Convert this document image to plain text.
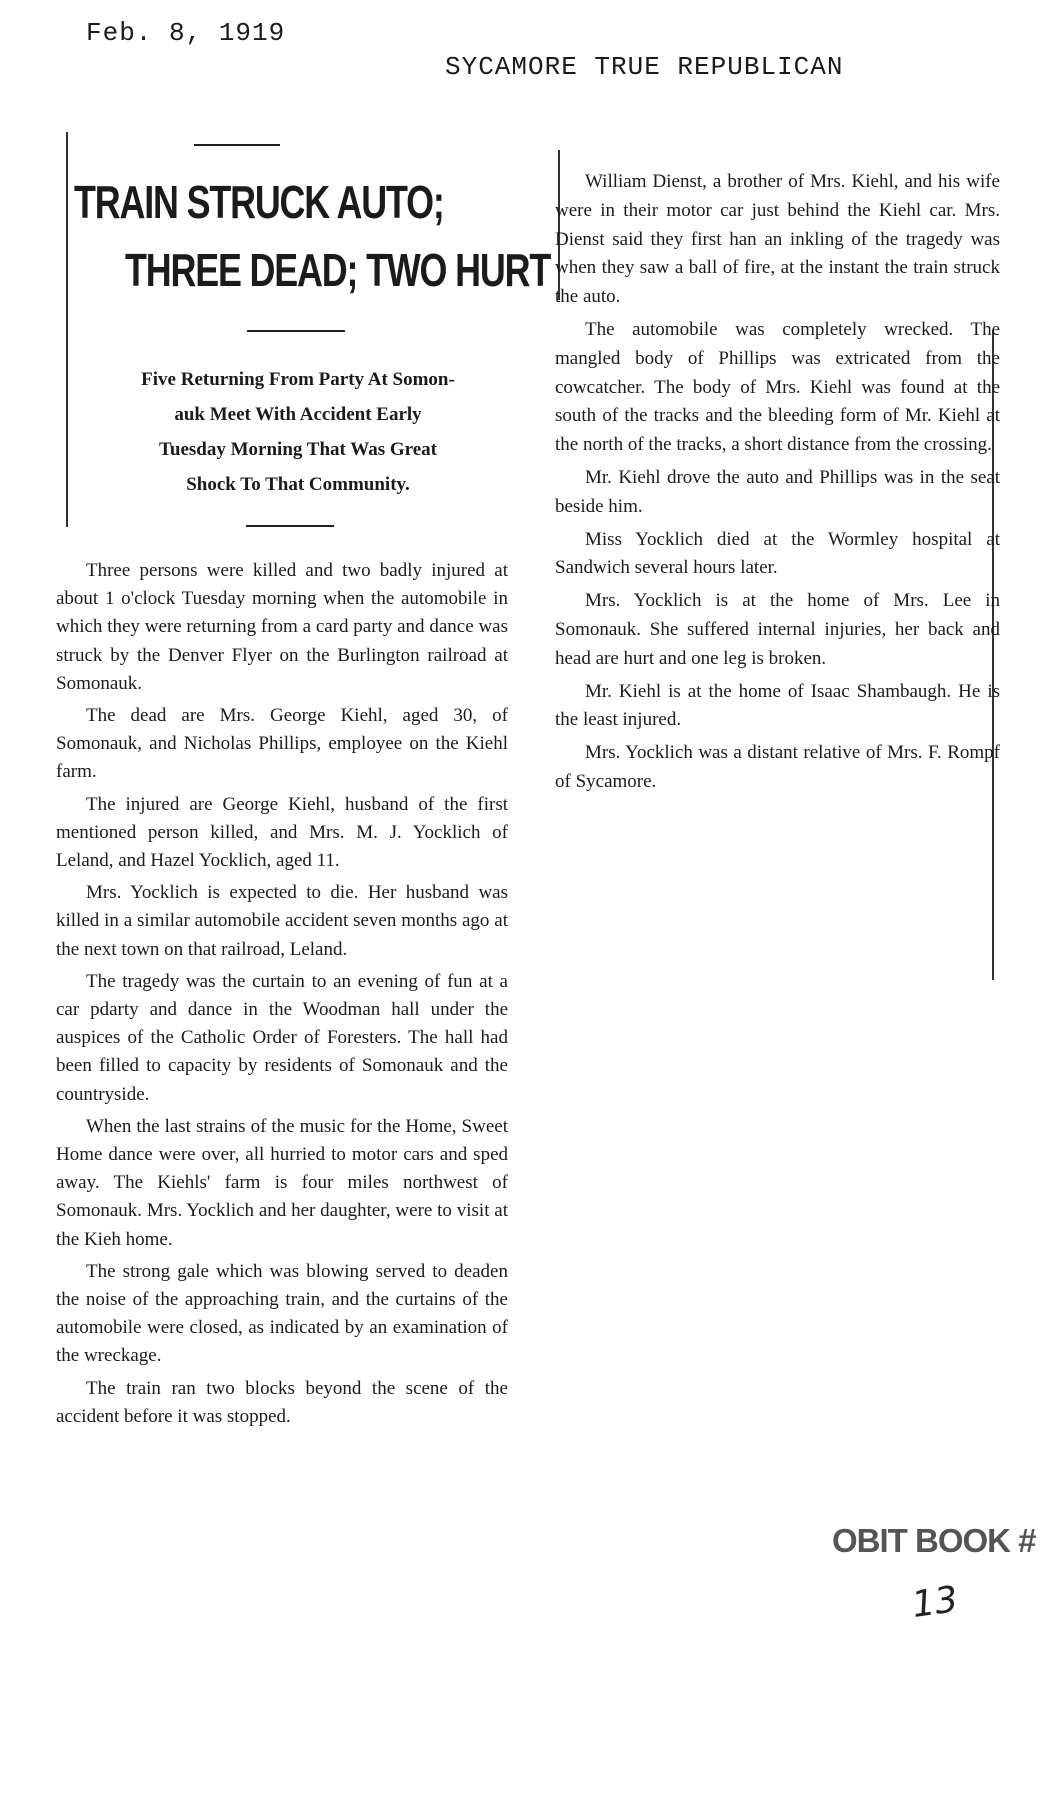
Feb. 8, 1919
SYCAMORE TRUE REPUBLICAN
TRAIN STRUCK AUTO;
THREE DEAD; TWO HURT
Five Returning From Party At Somon-
auk Meet With Accident Early
Tuesday Morning That Was Great
Shock To That Community.

Three persons were killed and two badly injured at about 1 o'clock Tuesday morning when the automobile in which they were returning from a card party and dance was struck by the Denver Flyer on the Burlington railroad at Somonauk.

The dead are Mrs. George Kiehl, aged 30, of Somonauk, and Nicholas Phillips, employee on the Kiehl farm.

The injured are George Kiehl, husband of the first mentioned person killed, and Mrs. M. J. Yocklich of Leland, and Hazel Yocklich, aged 11.

Mrs. Yocklich is expected to die. Her husband was killed in a similar automobile accident seven months ago at the next town on that railroad, Leland.

The tragedy was the curtain to an evening of fun at a car pdarty and dance in the Woodman hall under the auspices of the Catholic Order of Foresters. The hall had been filled to capacity by residents of Somonauk and the countryside.

When the last strains of the music for the Home, Sweet Home dance were over, all hurried to motor cars and sped away. The Kiehls' farm is four miles northwest of Somonauk. Mrs. Yocklich and her daughter, were to visit at the Kieh home.

The strong gale which was blowing served to deaden the noise of the approaching train, and the curtains of the automobile were closed, as indicated by an examination of the wreckage.

The train ran two blocks beyond the scene of the accident before it was stopped.

William Dienst, a brother of Mrs. Kiehl, and his wife were in their motor car just behind the Kiehl car. Mrs. Dienst said they first han an inkling of the tragedy was when they saw a ball of fire, at the instant the train struck the auto.

The automobile was completely wrecked. The mangled body of Phillips was extricated from the cowcatcher. The body of Mrs. Kiehl was found at the south of the tracks and the bleeding form of Mr. Kiehl at the north of the tracks, a short distance from the crossing.

Mr. Kiehl drove the auto and Phillips was in the seat beside him.

Miss Yocklich died at the Wormley hospital at Sandwich several hours later.

Mrs. Yocklich is at the home of Mrs. Lee in Somonauk. She suffered internal injuries, her back and head are hurt and one leg is broken.

Mr. Kiehl is at the home of Isaac Shambaugh. He is the least injured.

Mrs. Yocklich was a distant relative of Mrs. F. Rompf of Sycamore.

OBIT BOOK #
13
